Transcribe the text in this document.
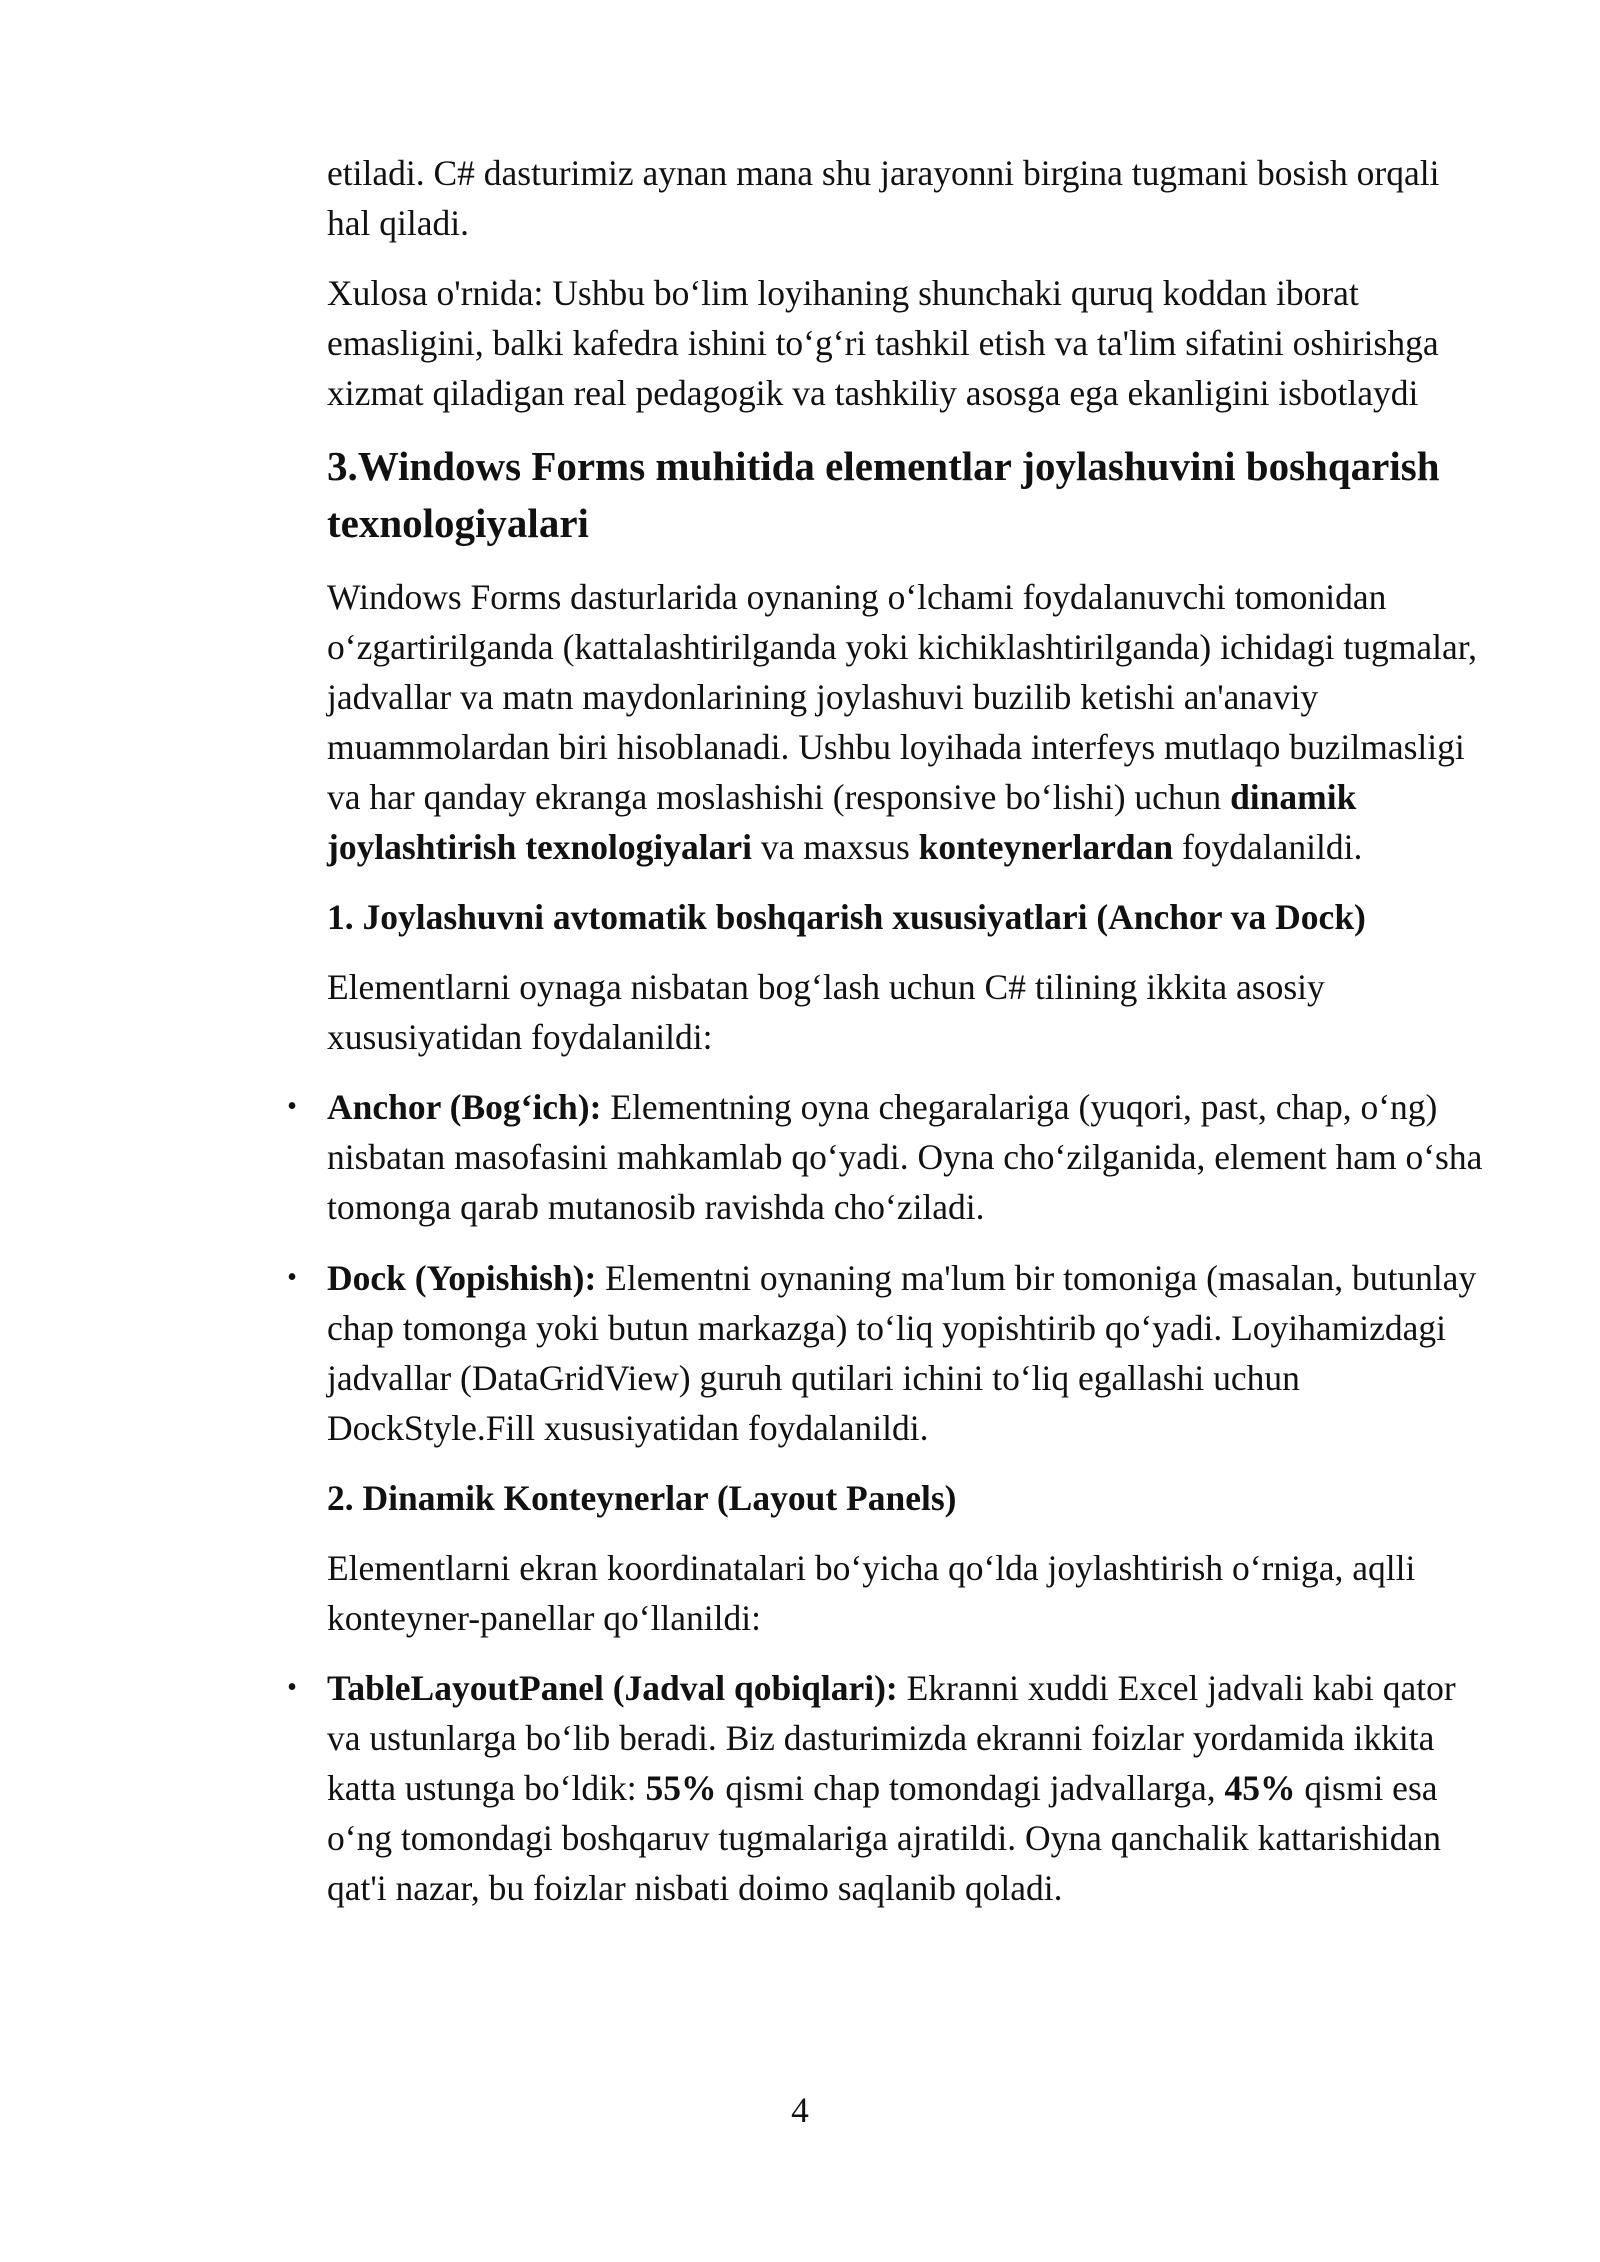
etiladi. C# dasturimiz aynan mana shu jarayonni birgina tugmani bosish orqali hal qiladi.

Xulosa o'rnida: Ushbu bo‘lim loyihaning shunchaki quruq koddan iborat emasligini, balki kafedra ishini to‘g‘ri tashkil etish va ta'lim sifatini oshirishga xizmat qiladigan real pedagogik va tashkiliy asosga ega ekanligini isbotlaydi

3.Windows Forms muhitida elementlar joylashuvini boshqarish texnologiyalari

Windows Forms dasturlarida oynaning o‘lchami foydalanuvchi tomonidan o‘zgartirilganda (kattalashtirilganda yoki kichiklashtirilganda) ichidagi tugmalar, jadvallar va matn maydonlarining joylashuvi buzilib ketishi an'anaviy muammolardan biri hisoblanadi. Ushbu loyihada interfeys mutlaqo buzilmasligi va har qanday ekranga moslashishi (responsive bo‘lishi) uchun dinamik joylashtirish texnologiyalari va maxsus konteynerlardan foydalanildi.

1. Joylashuvni avtomatik boshqarish xususiyatlari (Anchor va Dock)

Elementlarni oynaga nisbatan bog‘lash uchun C# tilining ikkita asosiy xususiyatidan foydalanildi:

• Anchor (Bog‘ich): Elementning oyna chegaralariga (yuqori, past, chap, o‘ng) nisbatan masofasini mahkamlab qo‘yadi. Oyna cho‘zilganida, element ham o‘sha tomonga qarab mutanosib ravishda cho‘ziladi.
• Dock (Yopishish): Elementni oynaning ma'lum bir tomoniga (masalan, butunlay chap tomonga yoki butun markazga) to‘liq yopishtirib qo‘yadi. Loyihamizdagi jadvallar (DataGridView) guruh qutilari ichini to‘liq egallashi uchun DockStyle.Fill xususiyatidan foydalanildi.

2. Dinamik Konteynerlar (Layout Panels)

Elementlarni ekran koordinatalari bo‘yicha qo‘lda joylashtirish o‘rniga, aqlli konteyner-panellar qo‘llanildi:

• TableLayoutPanel (Jadval qobiqlari): Ekranni xuddi Excel jadvali kabi qator va ustunlarga bo‘lib beradi. Biz dasturimizda ekranni foizlar yordamida ikkita katta ustunga bo‘ldik: 55% qismi chap tomondagi jadvallarga, 45% qismi esa o‘ng tomondagi boshqaruv tugmalariga ajratildi. Oyna qanchalik kattarishidan qat'i nazar, bu foizlar nisbati doimo saqlanib qoladi.
4
